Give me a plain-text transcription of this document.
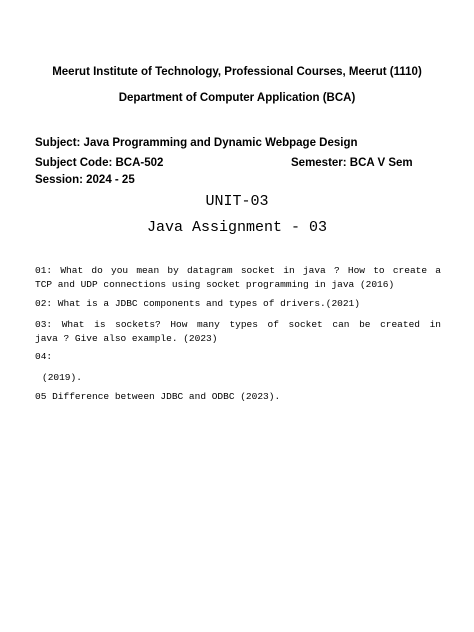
Meerut Institute of Technology, Professional Courses, Meerut (1110)
Department of Computer Application (BCA)
Subject: Java Programming and Dynamic Webpage Design
Subject Code: BCA-502	Semester: BCA V Sem
Session: 2024 - 25
UNIT-03
Java Assignment - 03
01: What do you mean by datagram socket in java ? How to create a
TCP and UDP connections using socket programming in java (2016)
02: What is a JDBC components and types of drivers.(2021)
03: What is sockets? How many types of socket can be created in
java ? Give also example. (2023)
04:
(2019).
05 Difference between JDBC and ODBC (2023).
